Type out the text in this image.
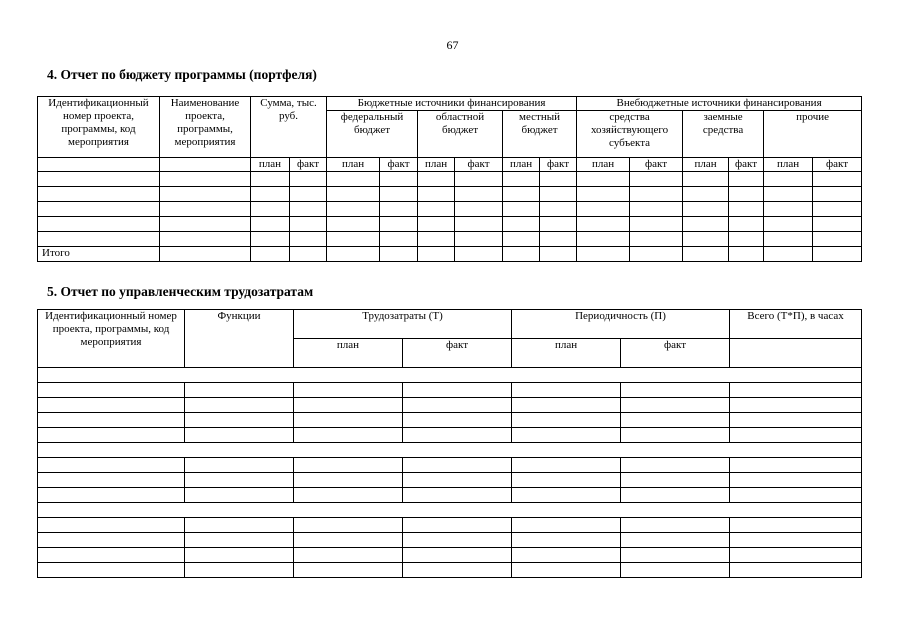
67
4. Отчет по бюджету программы (портфеля)
Идентификационный номер проекта, программы, код мероприятия	Наименование проекта, программы, мероприятия	Сумма, тыс. руб.		Бюджетные источники финансирования						Внебюджетные источники финансирования					
				федеральный бюджет		областной бюджет		местный бюджет		средства хозяйствующего субъекта		заемные средства		прочие	
		план	факт	план	факт	план	факт	план	факт	план	факт	план	факт	план	факт

Итого															
5. Отчет по управленческим трудозатратам
Идентификационный номер проекта, программы, код мероприятия	Функции	Трудозатраты (Т)		Периодичность (П)		Всего (Т*П), в часах
		план	факт	план	факт	
